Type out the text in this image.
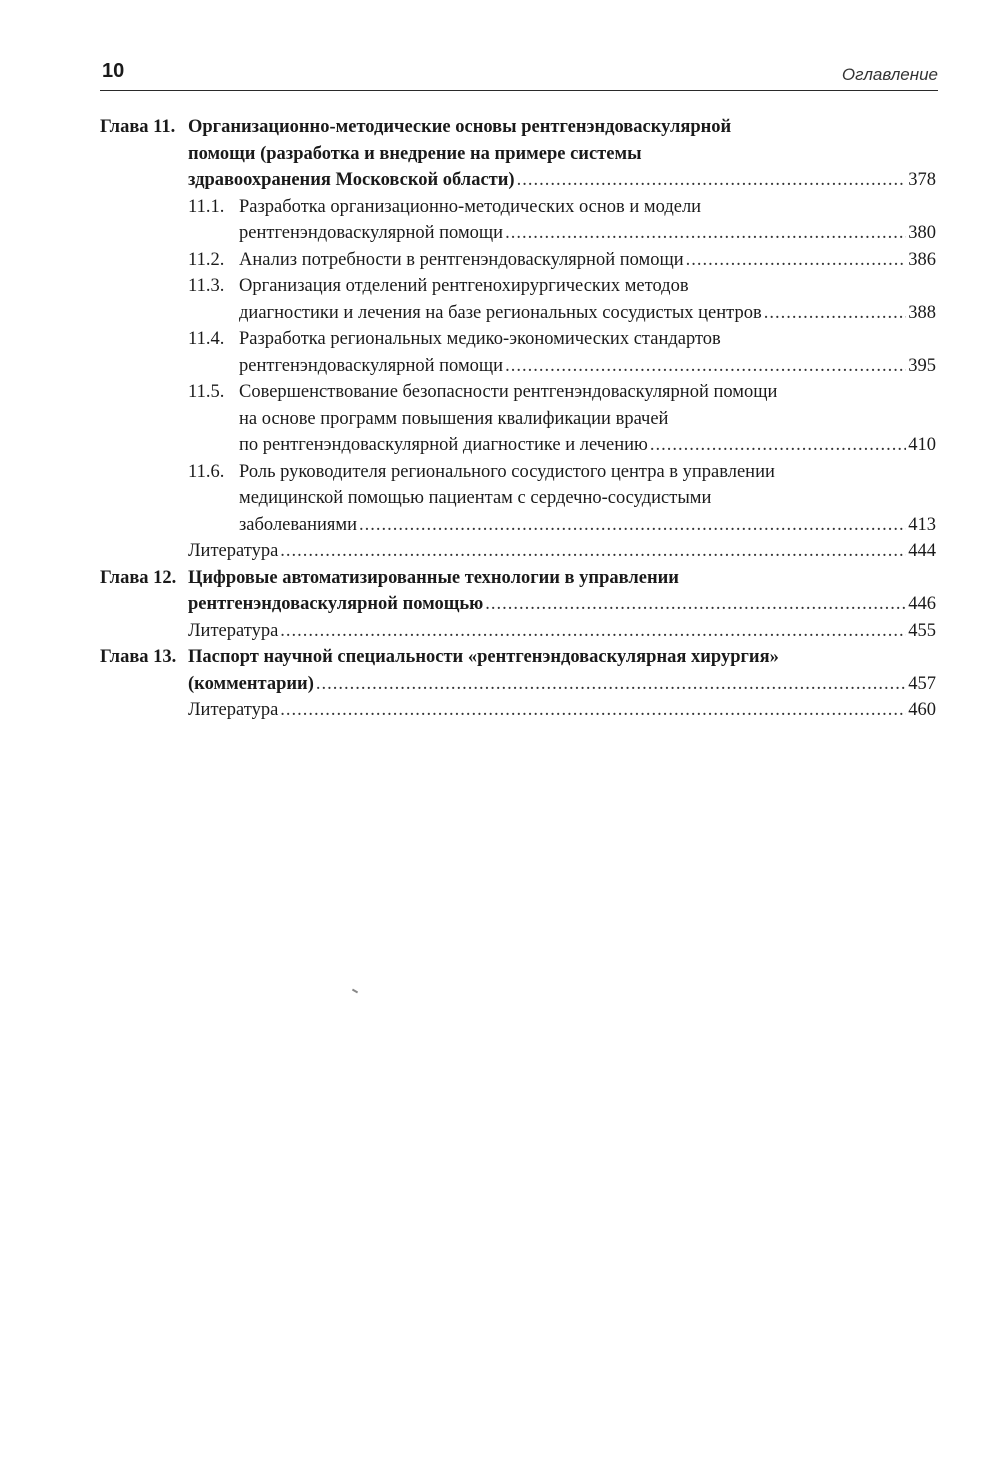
10	Оглавление
Глава 11. Организационно-методические основы рентгенэндоваскулярной
помощи (разработка и внедрение на примере системы
здравоохранения Московской области) .....	378
11.1. Разработка организационно-методических основ и модели
рентгенэндоваскулярной помощи .....	380
11.2. Анализ потребности в рентгенэндоваскулярной помощи .....	386
11.3. Организация отделений рентгенохирургических методов
диагностики и лечения на базе региональных сосудистых центров .....	388
11.4. Разработка региональных медико-экономических стандартов
рентгенэндоваскулярной помощи .....	395
11.5. Совершенствование безопасности рентгенэндоваскулярной помощи
на основе программ повышения квалификации врачей
по рентгенэндоваскулярной диагностике и лечению .....	410
11.6. Роль руководителя регионального сосудистого центра в управлении
медицинской помощью пациентам с сердечно-сосудистыми
заболеваниями .....	413
Литература .....	444
Глава 12. Цифровые автоматизированные технологии в управлении
рентгенэндоваскулярной помощью .....	446
Литература .....	455
Глава 13. Паспорт научной специальности «рентгенэндоваскулярная хирургия»
(комментарии) .....	457
Литература .....	460
